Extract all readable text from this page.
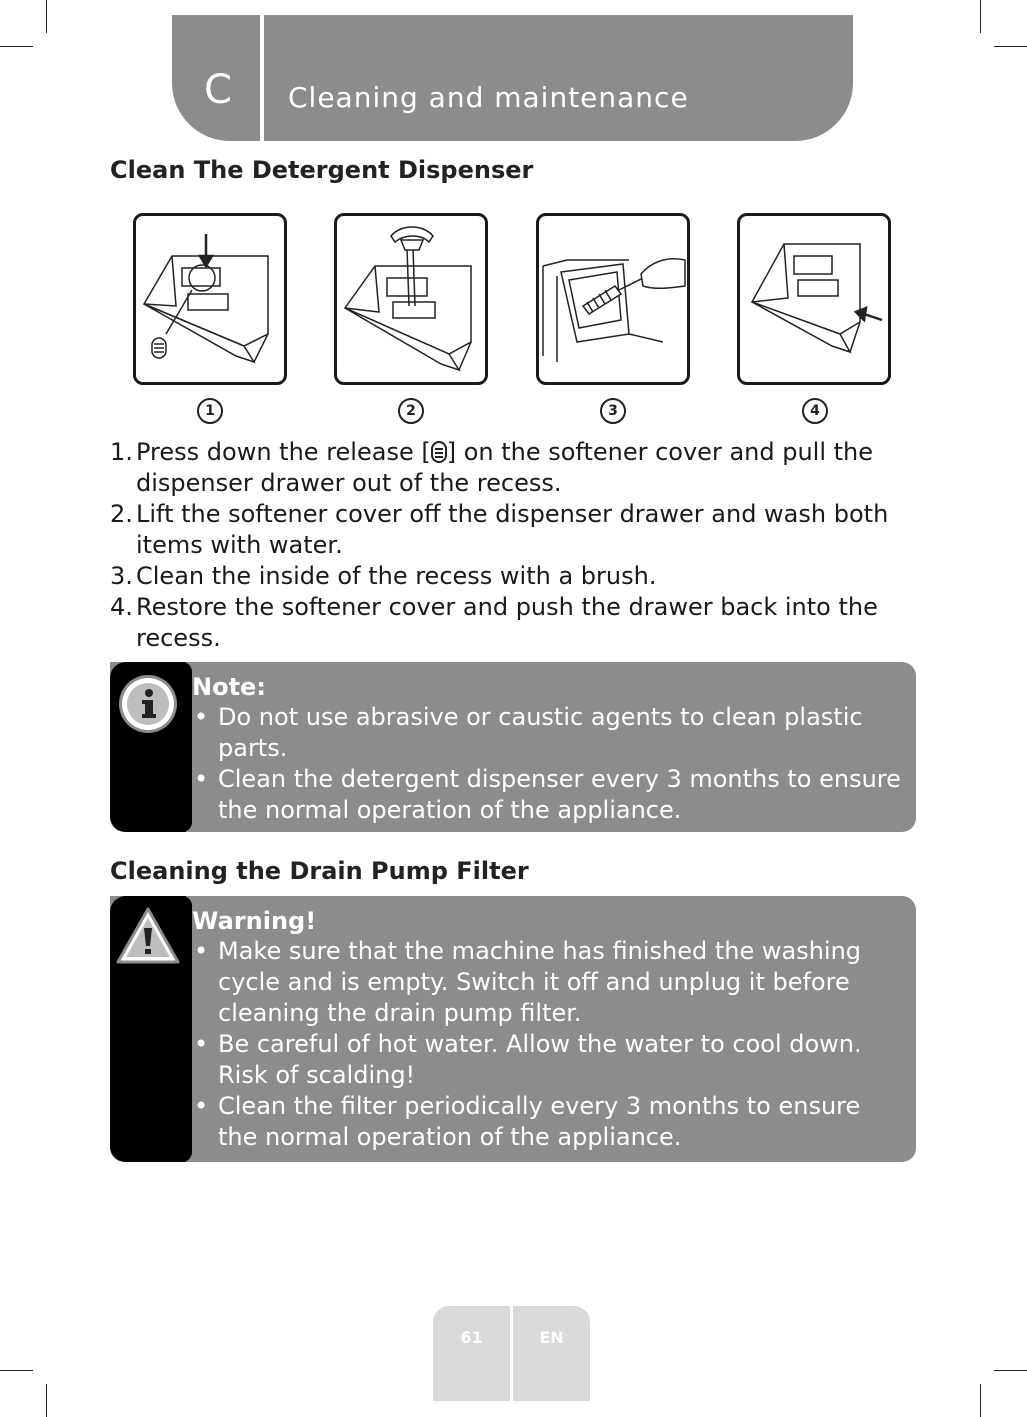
C Cleaning and maintenance
Clean The Detergent Dispenser
1	2	3	4
1. Press down the release [ ] on the softener cover and pull the dispenser drawer out of the recess.
2. Lift the softener cover off the dispenser drawer and wash both items with water.
3. Clean the inside of the recess with a brush.
4. Restore the softener cover and push the drawer back into the recess.
Note:
• Do not use abrasive or caustic agents to clean plastic parts.
• Clean the detergent dispenser every 3 months to ensure the normal operation of the appliance.
Cleaning the Drain Pump Filter
Warning!
• Make sure that the machine has finished the washing cycle and is empty. Switch it off and unplug it before cleaning the drain pump filter.
• Be careful of hot water. Allow the water to cool down. Risk of scalding!
• Clean the filter periodically every 3 months to ensure the normal operation of the appliance.
61	EN
